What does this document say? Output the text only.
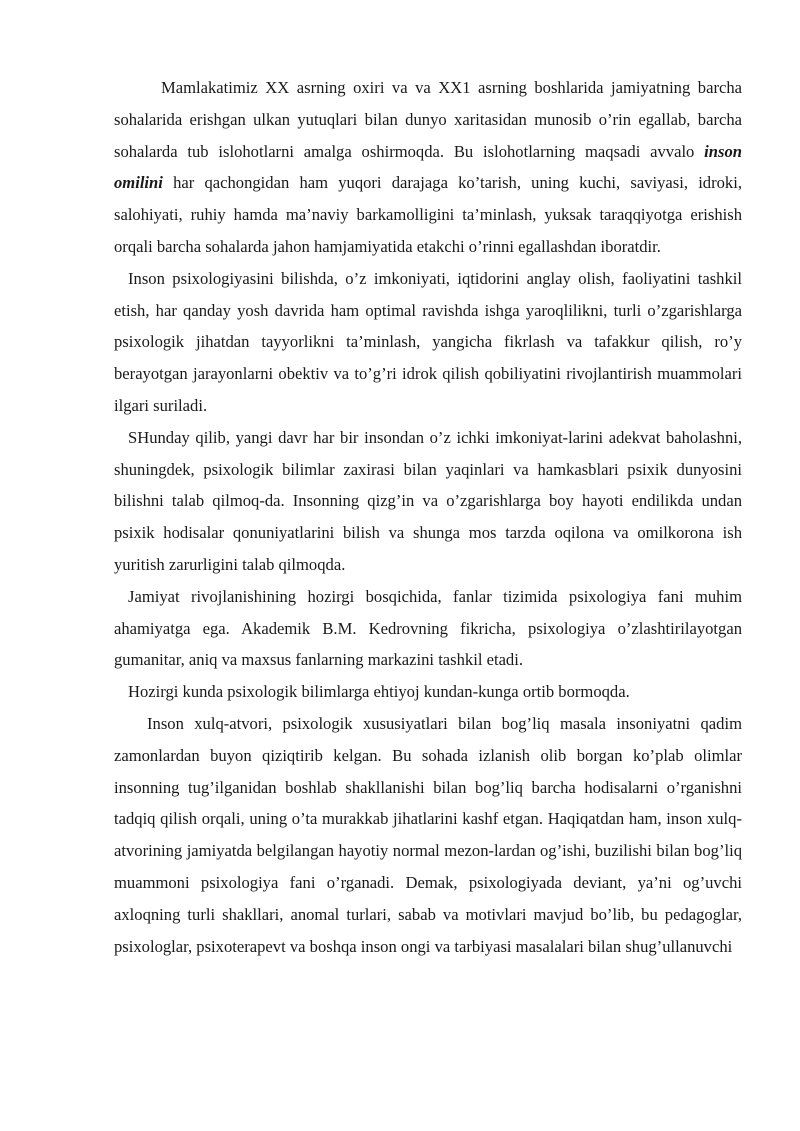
Mamlakatimiz XX asrning oxiri va va XX1 asrning boshlarida jamiyatning barcha sohalarida erishgan ulkan yutuqlari bilan dunyo xaritasidan munosib o’rin egallab, barcha sohalarda tub islohotlarni amalga oshirmoqda. Bu islohotlarning maqsadi avvalo inson omilini har qachongidan ham yuqori darajaga ko’tarish, uning kuchi, saviyasi, idroki, salohiyati, ruhiy hamda ma’naviy barkamolligini ta’minlash, yuksak taraqqiyotga erishish orqali barcha sohalarda jahon hamjamiyatida etakchi o’rinni egallashdan iboratdir.

Inson psixologiyasini bilishda, o’z imkoniyati, iqtidorini anglay olish, faoliyatini tashkil etish, har qanday yosh davrida ham optimal ravishda ishga yaroqlilikni, turli o’zgarishlarga psixologik jihatdan tayyorlikni ta’minlash, yangicha fikrlash va tafakkur qilish, ro’y berayotgan jarayonlarni obektiv va to’g’ri idrok qilish qobiliyatini rivojlantirish muammolari ilgari suriladi.

SHunday qilib, yangi davr har bir insondan o’z ichki imkoniyat-larini adekvat baholashni, shuningdek, psixologik bilimlar zaxirasi bilan yaqinlari va hamkasblari psixik dunyosini bilishni talab qilmoq-da. Insonning qizg’in va o’zgarishlarga boy hayoti endilikda undan psixik hodisalar qonuniyatlarini bilish va shunga mos tarzda oqilona va omilkorona ish yuritish zarurligini talab qilmoqda.

Jamiyat rivojlanishining hozirgi bosqichida, fanlar tizimida psixologiya fani muhim ahamiyatga ega. Akademik B.M. Kedrovning fikricha, psixologiya o’zlashtirilayotgan gumanitar, aniq va maxsus fanlarning markazini tashkil etadi.

Hozirgi kunda psixologik bilimlarga ehtiyoj kundan-kunga ortib bormoqda.

Inson xulq-atvori, psixologik xususiyatlari bilan bog’liq masala insoniyatni qadim zamonlardan buyon qiziqtirib kelgan. Bu sohada izlanish olib borgan ko’plab olimlar insonning tug’ilganidan boshlab shakllanishi bilan bog’liq barcha hodisalarni o’rganishni tadqiq qilish orqali, uning o’ta murakkab jihatlarini kashf etgan. Haqiqatdan ham, inson xulq-atvorining jamiyatda belgilangan hayotiy normal mezon-lardan og’ishi, buzilishi bilan bog’liq muammoni psixologiya fani o’rganadi. Demak, psixologiyada deviant, ya’ni og’uvchi axloqning turli shakllari, anomal turlari, sabab va motivlari mavjud bo’lib, bu pedagoglar, psixologlar, psixoterapevt va boshqa inson ongi va tarbiyasi masalalari bilan shug’ullanuvchi
